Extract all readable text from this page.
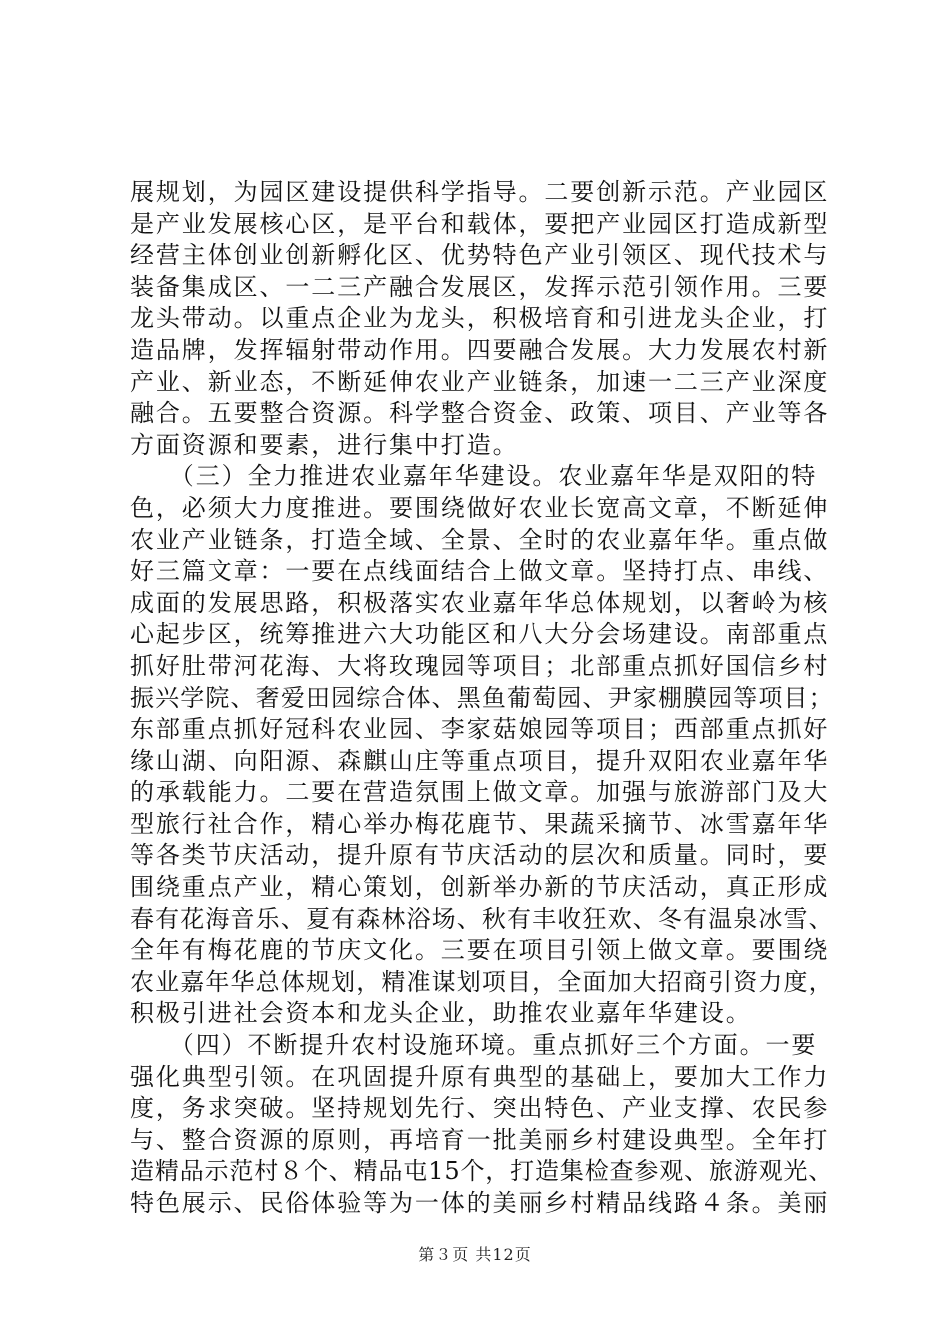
展规划，为园区建设提供科学指导。二要创新示范。产业园区
是产业发展核心区，是平台和载体，要把产业园区打造成新型
经营主体创业创新孵化区、优势特色产业引领区、现代技术与
装备集成区、一二三产融合发展区，发挥示范引领作用。三要
龙头带动。以重点企业为龙头，积极培育和引进龙头企业，打
造品牌，发挥辐射带动作用。四要融合发展。大力发展农村新
产业、新业态，不断延伸农业产业链条，加速一二三产业深度
融合。五要整合资源。科学整合资金、政策、项目、产业等各
方面资源和要素，进行集中打造。
　　（三）全力推进农业嘉年华建设。农业嘉年华是双阳的特
色，必须大力度推进。要围绕做好农业长宽高文章，不断延伸
农业产业链条，打造全域、全景、全时的农业嘉年华。重点做
好三篇文章：一要在点线面结合上做文章。坚持打点、串线、
成面的发展思路，积极落实农业嘉年华总体规划，以奢岭为核
心起步区，统筹推进六大功能区和八大分会场建设。南部重点
抓好肚带河花海、大将玫瑰园等项目；北部重点抓好国信乡村
振兴学院、奢爱田园综合体、黑鱼葡萄园、尹家棚膜园等项目；
东部重点抓好冠科农业园、李家菇娘园等项目；西部重点抓好
缘山湖、向阳源、森麒山庄等重点项目，提升双阳农业嘉年华
的承载能力。二要在营造氛围上做文章。加强与旅游部门及大
型旅行社合作，精心举办梅花鹿节、果蔬采摘节、冰雪嘉年华
等各类节庆活动，提升原有节庆活动的层次和质量。同时，要
围绕重点产业，精心策划，创新举办新的节庆活动，真正形成
春有花海音乐、夏有森林浴场、秋有丰收狂欢、冬有温泉冰雪、
全年有梅花鹿的节庆文化。三要在项目引领上做文章。要围绕
农业嘉年华总体规划，精准谋划项目，全面加大招商引资力度，
积极引进社会资本和龙头企业，助推农业嘉年华建设。
　　（四）不断提升农村设施环境。重点抓好三个方面。一要
强化典型引领。在巩固提升原有典型的基础上，要加大工作力
度，务求突破。坚持规划先行、突出特色、产业支撑、农民参
与、整合资源的原则，再培育一批美丽乡村建设典型。全年打
造精品示范村８个、精品屯15个，打造集检查参观、旅游观光、
特色展示、民俗体验等为一体的美丽乡村精品线路４条。美丽
第３页 共12页
